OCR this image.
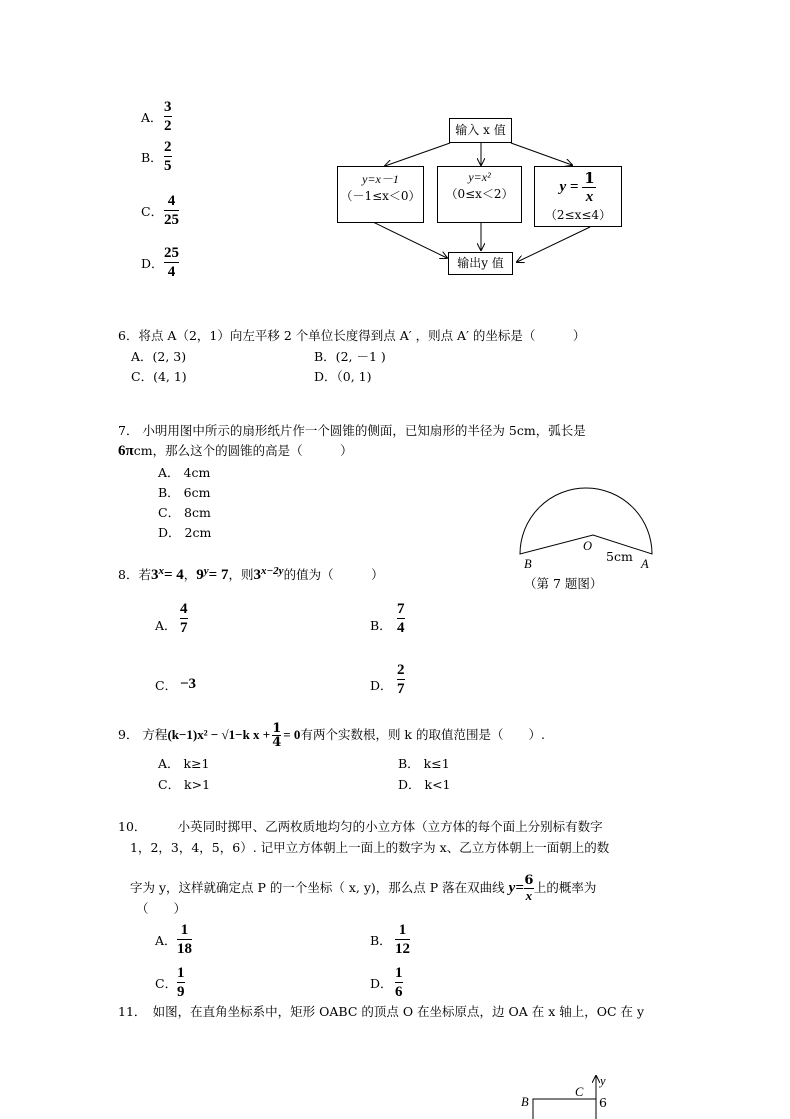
A．
3
2
B．
2
5
C．
4
25
D．
25
4
输入 x 值
y=x－1
（－1≤x＜0）
y=x²
（0≤x＜2）	y = 1
x
（2≤x≤4）
输出y 值
6．将点 A（2，1）向左平移 2 个单位长度得到点 A′ ，则点 A′ 的坐标是（　　　）
A．(2, 3)	B．(2, －1 )
C．(4, 1)	D．（0, 1)
7． 小明用图中所示的扇形纸片作一个圆锥的侧面，已知扇形的半径为 5cm，弧长是
6πcm，那么这个的圆锥的高是（　　　）
A． 4cm
B． 6cm
C． 8cm
D． 2cm
O
B	A
5cm
（第 7 题图）
8．若$3^x= 4$，$9^y= 7$，则$3^{x-2y}$的值为（　　　）
A．
4
7	B．
7
4
C． −3	D．
2
7
9． 方程(k−1)x² − √1−k $x + \frac{1}{4} = 0$有两个实数根，则 k 的取值范围是（　　）.
A． k≥1	B． k≤1
C． k>1	D． k<1
10．　　　小英同时掷甲、乙两枚质地均匀的小立方体（立方体的每个面上分别标有数字
1，2，3，4，5，6）. 记甲立方体朝上一面上的数字为 x、乙立方体朝上一面朝上的数
字为 y，这样就确定点 P 的一个坐标（ x, y)，那么点 P 落在双曲线 $y= \frac{6}{x}$ 上的概率为
（　　）
A．
1
18
B．
1
12
C．
1
9
D．
1
6
11．　如图，在直角坐标系中，矩形 OABC 的顶点 O 在坐标原点，边 OA 在 x 轴上，OC 在 y
B
C
y
6
